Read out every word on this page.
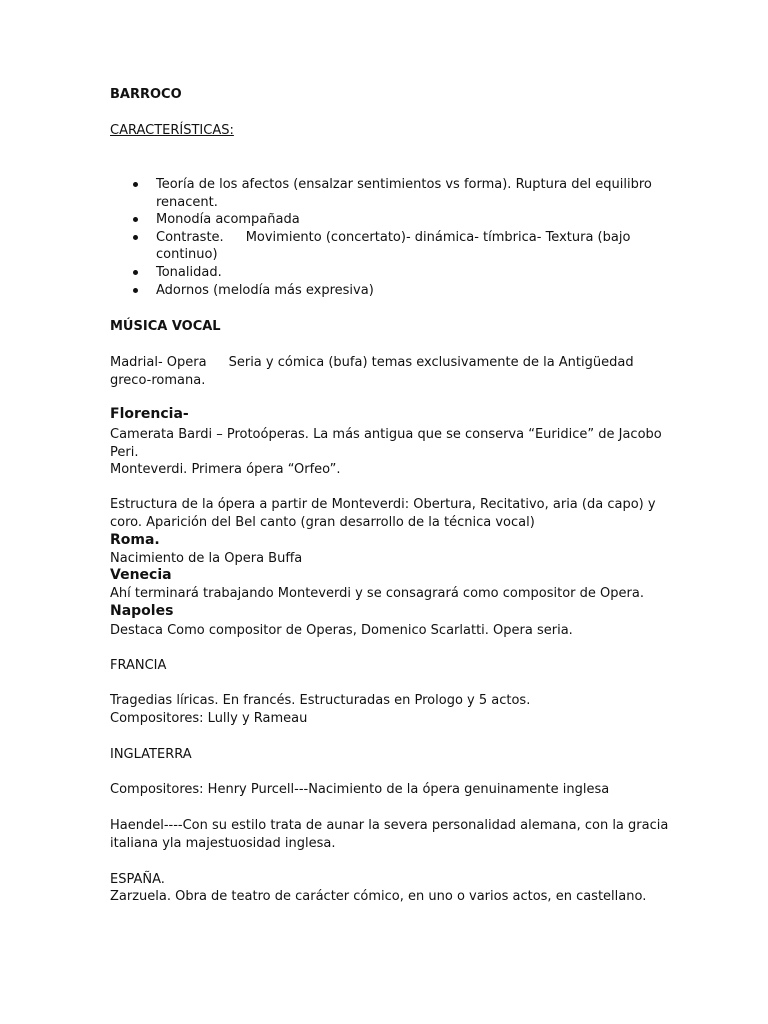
BARROCO

CARACTERÍSTICAS:

Teoría de los afectos (ensalzar sentimientos vs forma). Ruptura del equilibro renacent.
Monodía acompañada
Contraste. Movimiento (concertato)- dinámica- tímbrica- Textura (bajo continuo)
Tonalidad.
Adornos (melodía más expresiva)

MÚSICA VOCAL

Madrial- Opera Seria y cómica (bufa) temas exclusivamente de la Antigüedad greco-romana.

Florencia-

Camerata Bardi – Protoóperas. La más antigua que se conserva “Euridice” de Jacobo Peri.

Monteverdi. Primera ópera “Orfeo”.

Estructura de la ópera a partir de Monteverdi: Obertura, Recitativo, aria (da capo) y coro. Aparición del Bel canto (gran desarrollo de la técnica vocal)

Roma.

Nacimiento de la Opera Buffa

Venecia

Ahí terminará trabajando Monteverdi y se consagrará como compositor de Opera.

Napoles

Destaca Como compositor de Operas, Domenico Scarlatti. Opera seria.

FRANCIA

Tragedias líricas. En francés. Estructuradas en Prologo y 5 actos.

Compositores: Lully y Rameau

INGLATERRA

Compositores: Henry Purcell---Nacimiento de la ópera genuinamente inglesa

Haendel----Con su estilo trata de aunar la severa personalidad alemana, con la gracia italiana yla majestuosidad inglesa.

ESPAÑA.

Zarzuela. Obra de teatro de carácter cómico, en uno o varios actos, en castellano.
